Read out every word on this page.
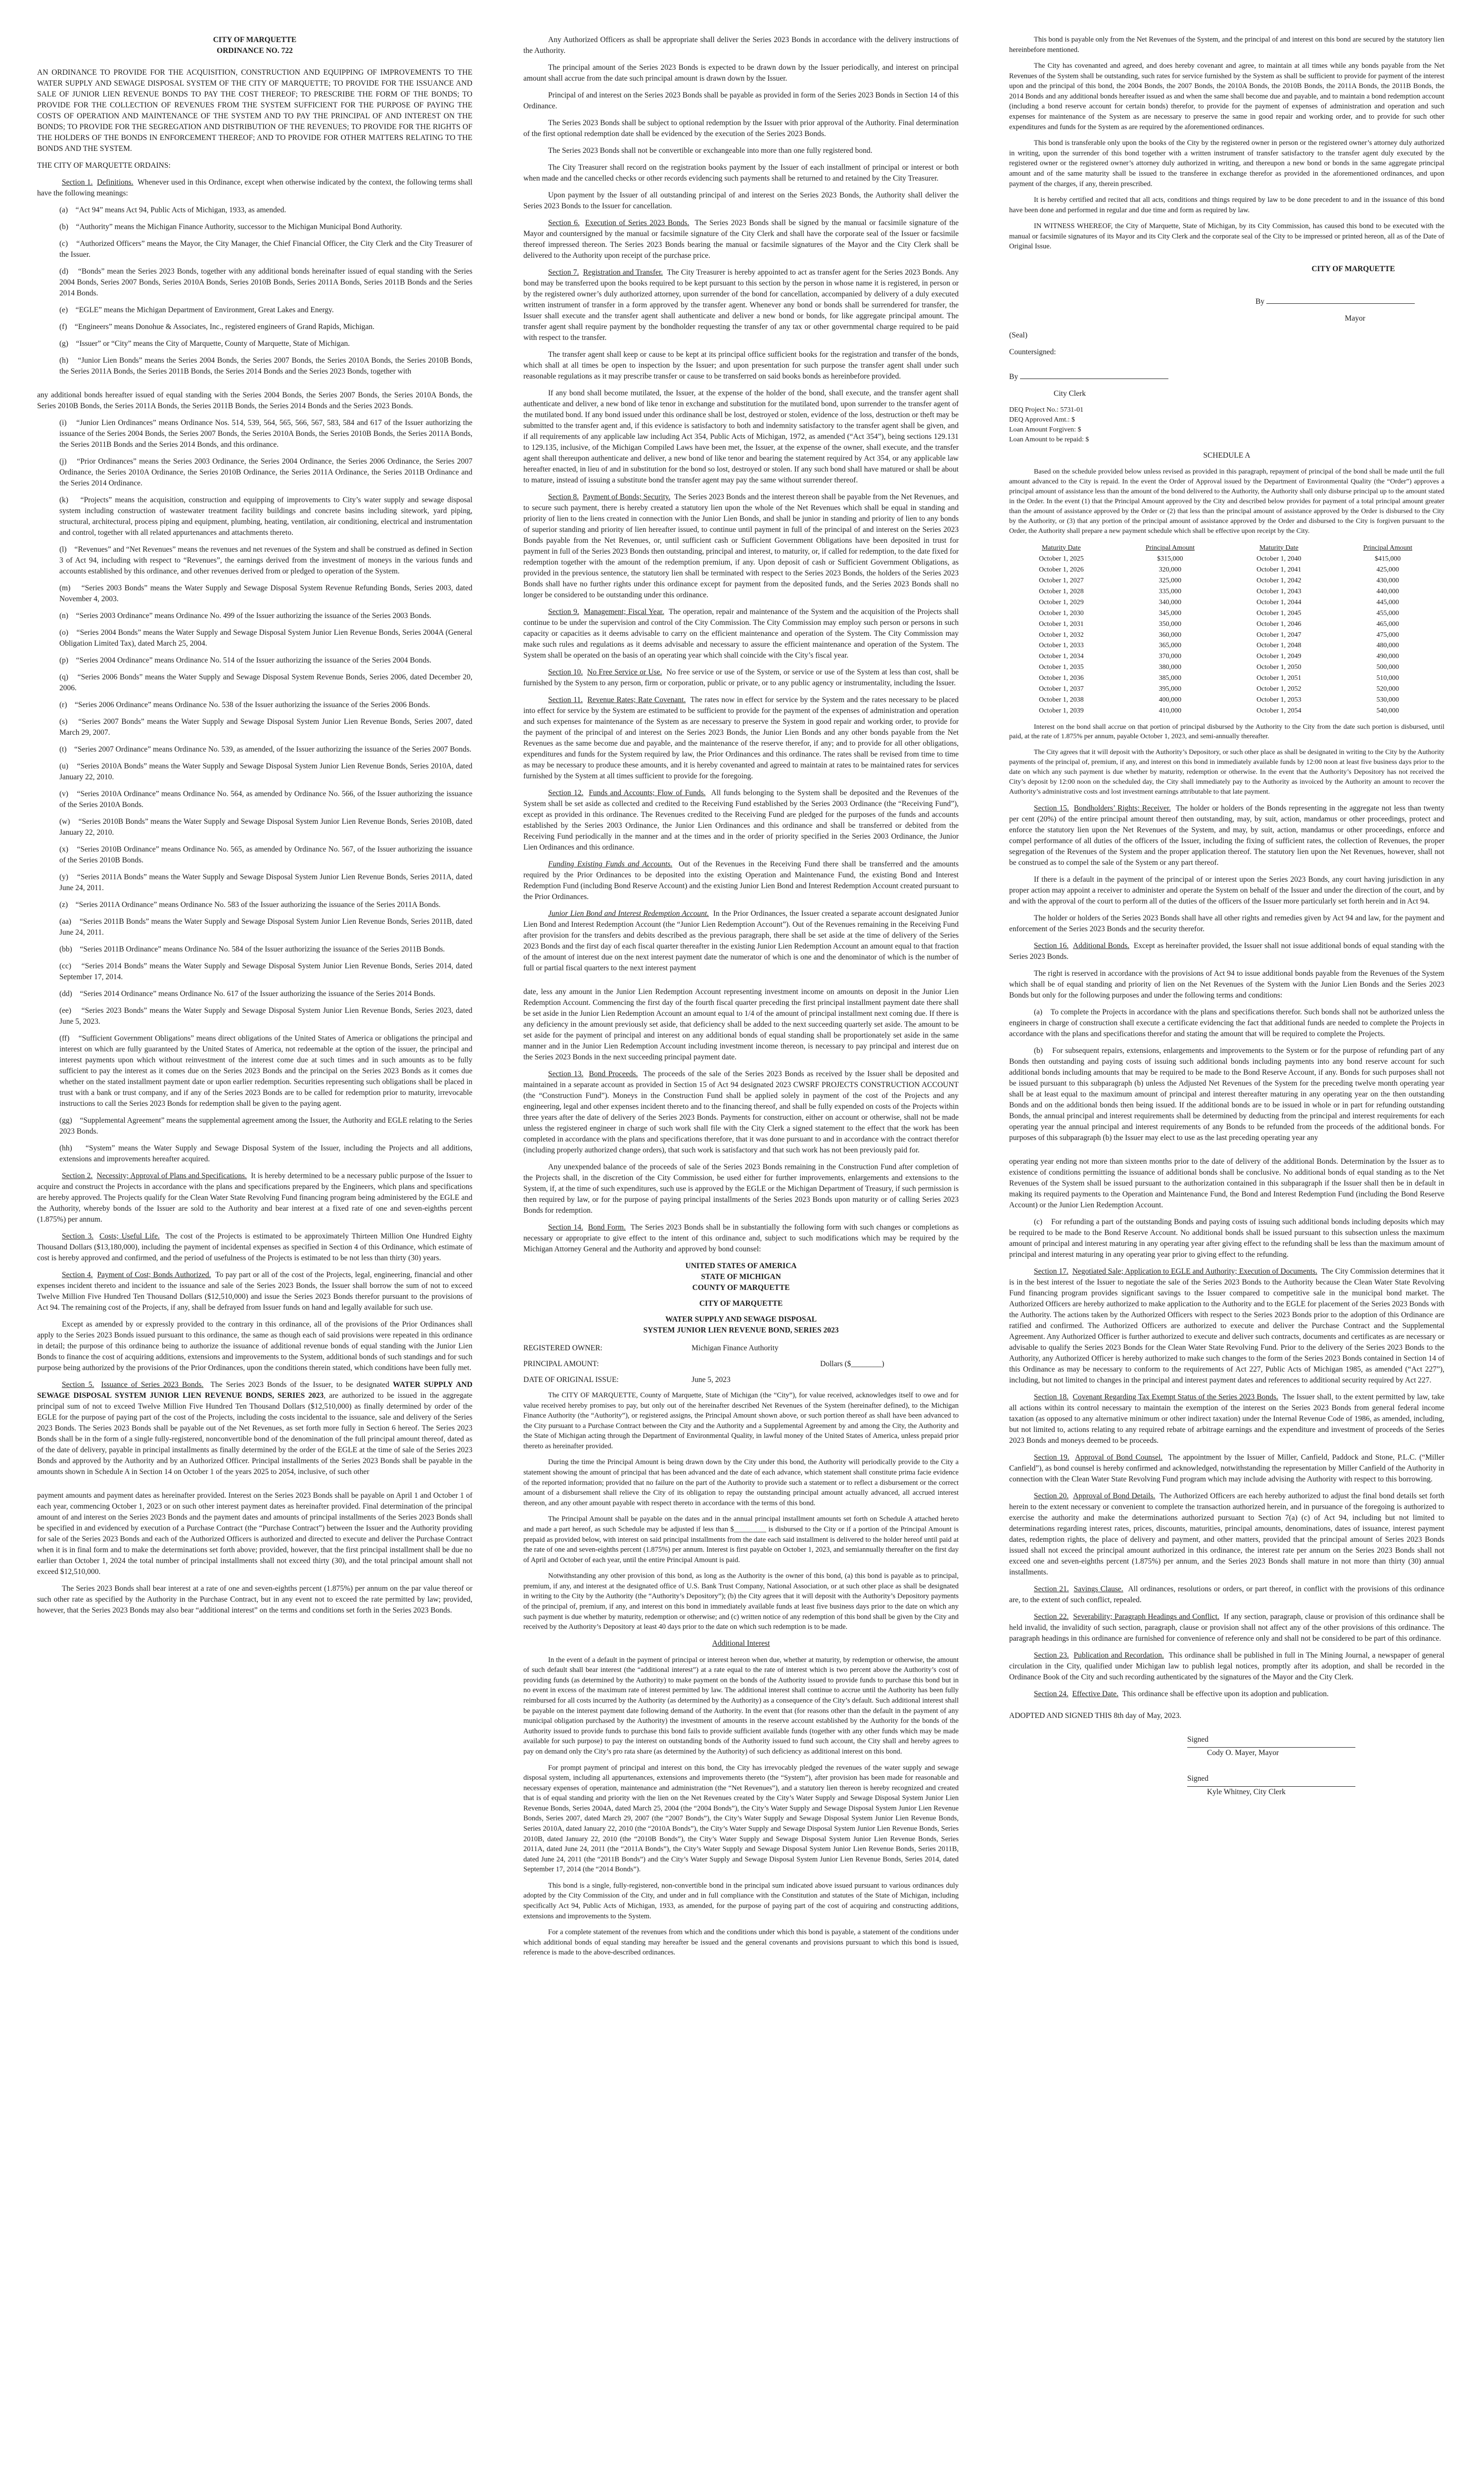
CITY OF MARQUETTE

ORDINANCE NO. 722

AN ORDINANCE TO PROVIDE FOR THE ACQUISITION, CONSTRUCTION AND EQUIPPING OF IMPROVEMENTS TO THE WATER SUPPLY AND SEWAGE DISPOSAL SYSTEM OF THE CITY OF MARQUETTE; TO PROVIDE FOR THE ISSUANCE AND SALE OF JUNIOR LIEN REVENUE BONDS TO PAY THE COST THEREOF; TO PRESCRIBE THE FORM OF THE BONDS; TO PROVIDE FOR THE COLLECTION OF REVENUES FROM THE SYSTEM SUFFICIENT FOR THE PURPOSE OF PAYING THE COSTS OF OPERATION AND MAINTENANCE OF THE SYSTEM AND TO PAY THE PRINCIPAL OF AND INTEREST ON THE BONDS; TO PROVIDE FOR THE SEGREGATION AND DISTRIBUTION OF THE REVENUES; TO PROVIDE FOR THE RIGHTS OF THE HOLDERS OF THE BONDS IN ENFORCEMENT THEREOF; AND TO PROVIDE FOR OTHER MATTERS RELATING TO THE BONDS AND THE SYSTEM.

THE CITY OF MARQUETTE ORDAINS:

Section 1. Definitions. Whenever used in this Ordinance, except when otherwise indicated by the context, the following terms shall have the following meanings:

(a)    “Act 94” means Act 94, Public Acts of Michigan, 1933, as amended.

(b)    “Authority” means the Michigan Finance Authority, successor to the Michigan Municipal Bond Authority.

(c)    “Authorized Officers” means the Mayor, the City Manager, the Chief Financial Officer, the City Clerk and the City Treasurer of the Issuer.

(d)    “Bonds” mean the Series 2023 Bonds, together with any additional bonds hereinafter issued of equal standing with the Series 2004 Bonds, Series 2007 Bonds, Series 2010A Bonds, Series 2010B Bonds, Series 2011A Bonds, Series 2011B Bonds and the Series 2014 Bonds.

(e)    “EGLE” means the Michigan Department of Environment, Great Lakes and Energy.

(f)    “Engineers” means Donohue & Associates, Inc., registered engineers of Grand Rapids, Michigan.

(g)    “Issuer” or “City” means the City of Marquette, County of Marquette, State of Michigan.

(h)    “Junior Lien Bonds” means the Series 2004 Bonds, the Series 2007 Bonds, the Series 2010A Bonds, the Series 2010B Bonds, the Series 2011A Bonds, the Series 2011B Bonds, the Series 2014 Bonds and the Series 2023 Bonds, together with

any additional bonds hereafter issued of equal standing with the Series 2004 Bonds, the Series 2007 Bonds, the Series 2010A Bonds, the Series 2010B Bonds, the Series 2011A Bonds, the Series 2011B Bonds, the Series 2014 Bonds and the Series 2023 Bonds.

(i)    “Junior Lien Ordinances” means Ordinance Nos. 514, 539, 564, 565, 566, 567, 583, 584 and 617 of the Issuer authorizing the issuance of the Series 2004 Bonds, the Series 2007 Bonds, the Series 2010A Bonds, the Series 2010B Bonds, the Series 2011A Bonds, the Series 2011B Bonds and the Series 2014 Bonds, and this ordinance.

(j)    “Prior Ordinances” means the Series 2003 Ordinance, the Series 2004 Ordinance, the Series 2006 Ordinance, the Series 2007 Ordinance, the Series 2010A Ordinance, the Series 2010B Ordinance, the Series 2011A Ordinance, the Series 2011B Ordinance and the Series 2014 Ordinance.

(k)    “Projects” means the acquisition, construction and equipping of improvements to City’s water supply and sewage disposal system including construction of wastewater treatment facility buildings and concrete basins including sitework, yard piping, structural, architectural, process piping and equipment, plumbing, heating, ventilation, air conditioning, electrical and instrumentation and control, together with all related appurtenances and attachments thereto.

(l)    “Revenues” and “Net Revenues” means the revenues and net revenues of the System and shall be construed as defined in Section 3 of Act 94, including with respect to “Revenues”, the earnings derived from the investment of moneys in the various funds and accounts established by this ordinance, and other revenues derived from or pledged to operation of the System.

(m)    “Series 2003 Bonds” means the Water Supply and Sewage Disposal System Revenue Refunding Bonds, Series 2003, dated November 4, 2003.

(n)    “Series 2003 Ordinance” means Ordinance No. 499 of the Issuer authorizing the issuance of the Series 2003 Bonds.

(o)    “Series 2004 Bonds” means the Water Supply and Sewage Disposal System Junior Lien Revenue Bonds, Series 2004A (General Obligation Limited Tax), dated March 25, 2004.

(p)    “Series 2004 Ordinance” means Ordinance No. 514 of the Issuer authorizing the issuance of the Series 2004 Bonds.

(q)    “Series 2006 Bonds” means the Water Supply and Sewage Disposal System Revenue Bonds, Series 2006, dated December 20, 2006.

(r)    “Series 2006 Ordinance” means Ordinance No. 538 of the Issuer authorizing the issuance of the Series 2006 Bonds.

(s)    “Series 2007 Bonds” means the Water Supply and Sewage Disposal System Junior Lien Revenue Bonds, Series 2007, dated March 29, 2007.

(t)    “Series 2007 Ordinance” means Ordinance No. 539, as amended, of the Issuer authorizing the issuance of the Series 2007 Bonds.

(u)    “Series 2010A Bonds” means the Water Supply and Sewage Disposal System Junior Lien Revenue Bonds, Series 2010A, dated January 22, 2010.

(v)    “Series 2010A Ordinance” means Ordinance No. 564, as amended by Ordinance No. 566, of the Issuer authorizing the issuance of the Series 2010A Bonds.

(w)    “Series 2010B Bonds” means the Water Supply and Sewage Disposal System Junior Lien Revenue Bonds, Series 2010B, dated January 22, 2010.

(x)    “Series 2010B Ordinance” means Ordinance No. 565, as amended by Ordinance No. 567, of the Issuer authorizing the issuance of the Series 2010B Bonds.

(y)    “Series 2011A Bonds” means the Water Supply and Sewage Disposal System Junior Lien Revenue Bonds, Series 2011A, dated June 24, 2011.

(z)    “Series 2011A Ordinance” means Ordinance No. 583 of the Issuer authorizing the issuance of the Series 2011A Bonds.

(aa)    “Series 2011B Bonds” means the Water Supply and Sewage Disposal System Junior Lien Revenue Bonds, Series 2011B, dated June 24, 2011.

(bb)    “Series 2011B Ordinance” means Ordinance No. 584 of the Issuer authorizing the issuance of the Series 2011B Bonds.

(cc)    “Series 2014 Bonds” means the Water Supply and Sewage Disposal System Junior Lien Revenue Bonds, Series 2014, dated September 17, 2014.

(dd)    “Series 2014 Ordinance” means Ordinance No. 617 of the Issuer authorizing the issuance of the Series 2014 Bonds.

(ee)    “Series 2023 Bonds” means the Water Supply and Sewage Disposal System Junior Lien Revenue Bonds, Series 2023, dated June 5, 2023.

(ff)    “Sufficient Government Obligations” means direct obligations of the United States of America or obligations the principal and interest on which are fully guaranteed by the United States of America, not redeemable at the option of the issuer, the principal and interest payments upon which without reinvestment of the interest come due at such times and in such amounts as to be fully sufficient to pay the interest as it comes due on the Series 2023 Bonds and the principal on the Series 2023 Bonds as it comes due whether on the stated installment payment date or upon earlier redemption. Securities representing such obligations shall be placed in trust with a bank or trust company, and if any of the Series 2023 Bonds are to be called for redemption prior to maturity, irrevocable instructions to call the Series 2023 Bonds for redemption shall be given to the paying agent.

(gg)    “Supplemental Agreement” means the supplemental agreement among the Issuer, the Authority and EGLE relating to the Series 2023 Bonds.

(hh)    “System” means the Water Supply and Sewage Disposal System of the Issuer, including the Projects and all additions, extensions and improvements hereafter acquired.

Section 2. Necessity; Approval of Plans and Specifications. It is hereby determined to be a necessary public purpose of the Issuer to acquire and construct the Projects in accordance with the plans and specifications prepared by the Engineers, which plans and specifications are hereby approved. The Projects qualify for the Clean Water State Revolving Fund financing program being administered by the EGLE and the Authority, whereby bonds of the Issuer are sold to the Authority and bear interest at a fixed rate of one and seven-eighths percent (1.875%) per annum.

Section 3. Costs; Useful Life. The cost of the Projects is estimated to be approximately Thirteen Million One Hundred Eighty Thousand Dollars ($13,180,000), including the payment of incidental expenses as specified in Section 4 of this Ordinance, which estimate of cost is hereby approved and confirmed, and the period of usefulness of the Projects is estimated to be not less than thirty (30) years.

Section 4. Payment of Cost; Bonds Authorized. To pay part or all of the cost of the Projects, legal, engineering, financial and other expenses incident thereto and incident to the issuance and sale of the Series 2023 Bonds, the Issuer shall borrow the sum of not to exceed Twelve Million Five Hundred Ten Thousand Dollars ($12,510,000) and issue the Series 2023 Bonds therefor pursuant to the provisions of Act 94. The remaining cost of the Projects, if any, shall be defrayed from Issuer funds on hand and legally available for such use.

Except as amended by or expressly provided to the contrary in this ordinance, all of the provisions of the Prior Ordinances shall apply to the Series 2023 Bonds issued pursuant to this ordinance, the same as though each of said provisions were repeated in this ordinance in detail; the purpose of this ordinance being to authorize the issuance of additional revenue bonds of equal standing with the Junior Lien Bonds to finance the cost of acquiring additions, extensions and improvements to the System, additional bonds of such standings and for such purpose being authorized by the provisions of the Prior Ordinances, upon the conditions therein stated, which conditions have been fully met.

Section 5. Issuance of Series 2023 Bonds. The Series 2023 Bonds of the Issuer, to be designated WATER SUPPLY AND SEWAGE DISPOSAL SYSTEM JUNIOR LIEN REVENUE BONDS, SERIES 2023, are authorized to be issued in the aggregate principal sum of not to exceed Twelve Million Five Hundred Ten Thousand Dollars ($12,510,000) as finally determined by order of the EGLE for the purpose of paying part of the cost of the Projects, including the costs incidental to the issuance, sale and delivery of the Series 2023 Bonds. The Series 2023 Bonds shall be payable out of the Net Revenues, as set forth more fully in Section 6 hereof. The Series 2023 Bonds shall be in the form of a single fully-registered, nonconvertible bond of the denomination of the full principal amount thereof, dated as of the date of delivery, payable in principal installments as finally determined by the order of the EGLE at the time of sale of the Series 2023 Bonds and approved by the Authority and by an Authorized Officer. Principal installments of the Series 2023 Bonds shall be payable in the amounts shown in Schedule A in Section 14 on October 1 of the years 2025 to 2054, inclusive, of such other

payment amounts and payment dates as hereinafter provided. Interest on the Series 2023 Bonds shall be payable on April 1 and October 1 of each year, commencing October 1, 2023 or on such other interest payment dates as hereinafter provided. Final determination of the principal amount of and interest on the Series 2023 Bonds and the payment dates and amounts of principal installments of the Series 2023 Bonds shall be specified in and evidenced by execution of a Purchase Contract (the “Purchase Contract”) between the Issuer and the Authority providing for sale of the Series 2023 Bonds and each of the Authorized Officers is authorized and directed to execute and deliver the Purchase Contract when it is in final form and to make the determinations set forth above; provided, however, that the first principal installment shall be due no earlier than October 1, 2024 the total number of principal installments shall not exceed thirty (30), and the total principal amount shall not exceed $12,510,000.

The Series 2023 Bonds shall bear interest at a rate of one and seven-eighths percent (1.875%) per annum on the par value thereof or such other rate as specified by the Authority in the Purchase Contract, but in any event not to exceed the rate permitted by law; provided, however, that the Series 2023 Bonds may also bear “additional interest” on the terms and conditions set forth in the Series 2023 Bonds.

Any Authorized Officers as shall be appropriate shall deliver the Series 2023 Bonds in accordance with the delivery instructions of the Authority.

The principal amount of the Series 2023 Bonds is expected to be drawn down by the Issuer periodically, and interest on principal amount shall accrue from the date such principal amount is drawn down by the Issuer.

Principal of and interest on the Series 2023 Bonds shall be payable as provided in form of the Series 2023 Bonds in Section 14 of this Ordinance.

The Series 2023 Bonds shall be subject to optional redemption by the Issuer with prior approval of the Authority. Final determination of the first optional redemption date shall be evidenced by the execution of the Series 2023 Bonds.

The Series 2023 Bonds shall not be convertible or exchangeable into more than one fully registered bond.

The City Treasurer shall record on the registration books payment by the Issuer of each installment of principal or interest or both when made and the cancelled checks or other records evidencing such payments shall be returned to and retained by the City Treasurer.

Upon payment by the Issuer of all outstanding principal of and interest on the Series 2023 Bonds, the Authority shall deliver the Series 2023 Bonds to the Issuer for cancellation.

Section 6. Execution of Series 2023 Bonds. The Series 2023 Bonds shall be signed by the manual or facsimile signature of the Mayor and countersigned by the manual or facsimile signature of the City Clerk and shall have the corporate seal of the Issuer or facsimile thereof impressed thereon. The Series 2023 Bonds bearing the manual or facsimile signatures of the Mayor and the City Clerk shall be delivered to the Authority upon receipt of the purchase price.

Section 7. Registration and Transfer. The City Treasurer is hereby appointed to act as transfer agent for the Series 2023 Bonds. Any bond may be transferred upon the books required to be kept pursuant to this section by the person in whose name it is registered, in person or by the registered owner’s duly authorized attorney, upon surrender of the bond for cancellation, accompanied by delivery of a duly executed written instrument of transfer in a form approved by the transfer agent. Whenever any bond or bonds shall be surrendered for transfer, the Issuer shall execute and the transfer agent shall authenticate and deliver a new bond or bonds, for like aggregate principal amount. The transfer agent shall require payment by the bondholder requesting the transfer of any tax or other governmental charge required to be paid with respect to the transfer.

The transfer agent shall keep or cause to be kept at its principal office sufficient books for the registration and transfer of the bonds, which shall at all times be open to inspection by the Issuer; and upon presentation for such purpose the transfer agent shall under such reasonable regulations as it may prescribe transfer or cause to be transferred on said books bonds as hereinbefore provided.

If any bond shall become mutilated, the Issuer, at the expense of the holder of the bond, shall execute, and the transfer agent shall authenticate and deliver, a new bond of like tenor in exchange and substitution for the mutilated bond, upon surrender to the transfer agent of the mutilated bond. If any bond issued under this ordinance shall be lost, destroyed or stolen, evidence of the loss, destruction or theft may be submitted to the transfer agent and, if this evidence is satisfactory to both and indemnity satisfactory to the transfer agent shall be given, and if all requirements of any applicable law including Act 354, Public Acts of Michigan, 1972, as amended (“Act 354”), being sections 129.131 to 129.135, inclusive, of the Michigan Compiled Laws have been met, the Issuer, at the expense of the owner, shall execute, and the transfer agent shall thereupon authenticate and deliver, a new bond of like tenor and bearing the statement required by Act 354, or any applicable law hereafter enacted, in lieu of and in substitution for the bond so lost, destroyed or stolen. If any such bond shall have matured or shall be about to mature, instead of issuing a substitute bond the transfer agent may pay the same without surrender thereof.

Section 8. Payment of Bonds; Security. The Series 2023 Bonds and the interest thereon shall be payable from the Net Revenues, and to secure such payment, there is hereby created a statutory lien upon the whole of the Net Revenues which shall be equal in standing and priority of lien to the liens created in connection with the Junior Lien Bonds, and shall be junior in standing and priority of lien to any bonds of superior standing and priority of lien hereafter issued, to continue until payment in full of the principal of and interest on the Series 2023 Bonds payable from the Net Revenues, or, until sufficient cash or Sufficient Government Obligations have been deposited in trust for payment in full of the Series 2023 Bonds then outstanding, principal and interest, to maturity, or, if called for redemption, to the date fixed for redemption together with the amount of the redemption premium, if any. Upon deposit of cash or Sufficient Government Obligations, as provided in the previous sentence, the statutory lien shall be terminated with respect to the Series 2023 Bonds, the holders of the Series 2023 Bonds shall have no further rights under this ordinance except for payment from the deposited funds, and the Series 2023 Bonds shall no longer be considered to be outstanding under this ordinance.

Section 9. Management; Fiscal Year. The operation, repair and maintenance of the System and the acquisition of the Projects shall continue to be under the supervision and control of the City Commission. The City Commission may employ such person or persons in such capacity or capacities as it deems advisable to carry on the efficient maintenance and operation of the System. The City Commission may make such rules and regulations as it deems advisable and necessary to assure the efficient maintenance and operation of the System. The System shall be operated on the basis of an operating year which shall coincide with the City’s fiscal year.

Section 10. No Free Service or Use. No free service or use of the System, or service or use of the System at less than cost, shall be furnished by the System to any person, firm or corporation, public or private, or to any public agency or instrumentality, including the Issuer.

Section 11. Revenue Rates; Rate Covenant. The rates now in effect for service by the System and the rates necessary to be placed into effect for service by the System are estimated to be sufficient to provide for the payment of the expenses of administration and operation and such expenses for maintenance of the System as are necessary to preserve the System in good repair and working order, to provide for the payment of the principal of and interest on the Series 2023 Bonds, the Junior Lien Bonds and any other bonds payable from the Net Revenues as the same become due and payable, and the maintenance of the reserve therefor, if any; and to provide for all other obligations, expenditures and funds for the System required by law, the Prior Ordinances and this ordinance. The rates shall be revised from time to time as may be necessary to produce these amounts, and it is hereby covenanted and agreed to maintain at rates to be maintained rates for services furnished by the System at all times sufficient to provide for the foregoing.

Section 12. Funds and Accounts; Flow of Funds. All funds belonging to the System shall be deposited and the Revenues of the System shall be set aside as collected and credited to the Receiving Fund established by the Series 2003 Ordinance (the “Receiving Fund”), except as provided in this ordinance. The Revenues credited to the Receiving Fund are pledged for the purposes of the funds and accounts established by the Series 2003 Ordinance, the Junior Lien Ordinances and this ordinance and shall be transferred or debited from the Receiving Fund periodically in the manner and at the times and in the order of priority specified in the Series 2003 Ordinance, the Junior Lien Ordinances and this ordinance.

Funding Existing Funds and Accounts. Out of the Revenues in the Receiving Fund there shall be transferred and the amounts required by the Prior Ordinances to be deposited into the existing Operation and Maintenance Fund, the existing Bond and Interest Redemption Fund (including Bond Reserve Account) and the existing Junior Lien Bond and Interest Redemption Account created pursuant to the Prior Ordinances.

Junior Lien Bond and Interest Redemption Account. In the Prior Ordinances, the Issuer created a separate account designated Junior Lien Bond and Interest Redemption Account (the “Junior Lien Redemption Account”). Out of the Revenues remaining in the Receiving Fund after provision for the transfers and debits described as the previous paragraph, there shall be set aside at the time of delivery of the Series 2023 Bonds and the first day of each fiscal quarter thereafter in the existing Junior Lien Redemption Account an amount equal to that fraction of the amount of interest due on the next interest payment date the numerator of which is one and the denominator of which is the number of full or partial fiscal quarters to the next interest payment

date, less any amount in the Junior Lien Redemption Account representing investment income on amounts on deposit in the Junior Lien Redemption Account. Commencing the first day of the fourth fiscal quarter preceding the first principal installment payment date there shall be set aside in the Junior Lien Redemption Account an amount equal to 1/4 of the amount of principal installment next coming due. If there is any deficiency in the amount previously set aside, that deficiency shall be added to the next succeeding quarterly set aside. The amount to be set aside for the payment of principal and interest on any additional bonds of equal standing shall be proportionately set aside in the same manner and in the Junior Lien Redemption Account including investment income thereon, is necessary to pay principal and interest due on the Series 2023 Bonds in the next succeeding principal payment date.

Section 13. Bond Proceeds. The proceeds of the sale of the Series 2023 Bonds as received by the Issuer shall be deposited and maintained in a separate account as provided in Section 15 of Act 94 designated 2023 CWSRF PROJECTS CONSTRUCTION ACCOUNT (the “Construction Fund”). Moneys in the Construction Fund shall be applied solely in payment of the cost of the Projects and any engineering, legal and other expenses incident thereto and to the financing thereof, and shall be fully expended on costs of the Projects within three years after the date of delivery of the Series 2023 Bonds. Payments for construction, either on account or otherwise, shall not be made unless the registered engineer in charge of such work shall file with the City Clerk a signed statement to the effect that the work has been completed in accordance with the plans and specifications therefore, that it was done pursuant to and in accordance with the contract therefor (including properly authorized change orders), that such work is satisfactory and that such work has not been previously paid for.

Any unexpended balance of the proceeds of sale of the Series 2023 Bonds remaining in the Construction Fund after completion of the Projects shall, in the discretion of the City Commission, be used either for further improvements, enlargements and extensions to the System, if, at the time of such expenditures, such use is approved by the EGLE or the Michigan Department of Treasury, if such permission is then required by law, or for the purpose of paying principal installments of the Series 2023 Bonds upon maturity or of calling Series 2023 Bonds for redemption.

Section 14. Bond Form. The Series 2023 Bonds shall be in substantially the following form with such changes or completions as necessary or appropriate to give effect to the intent of this ordinance and, subject to such modifications which may be required by the Michigan Attorney General and the Authority and approved by bond counsel:

UNITED STATES OF AMERICA

STATE OF MICHIGAN

COUNTY OF MARQUETTE

CITY OF MARQUETTE

WATER SUPPLY AND SEWAGE DISPOSAL

SYSTEM JUNIOR LIEN REVENUE BOND, SERIES 2023

REGISTERED OWNER:	Michigan Finance Authority
PRINCIPAL AMOUNT:	Dollars ($________)
DATE OF ORIGINAL ISSUE:	June 5, 2023

The CITY OF MARQUETTE, County of Marquette, State of Michigan (the “City”), for value received, acknowledges itself to owe and for value received hereby promises to pay, but only out of the hereinafter described Net Revenues of the System (hereinafter defined), to the Michigan Finance Authority (the “Authority”), or registered assigns, the Principal Amount shown above, or such portion thereof as shall have been advanced to the City pursuant to a Purchase Contract between the City and the Authority and a Supplemental Agreement by and among the City, the Authority and the State of Michigan acting through the Department of Environmental Quality, in lawful money of the United States of America, unless prepaid prior thereto as hereinafter provided.

During the time the Principal Amount is being drawn down by the City under this bond, the Authority will periodically provide to the City a statement showing the amount of principal that has been advanced and the date of each advance, which statement shall constitute prima facie evidence of the reported information; provided that no failure on the part of the Authority to provide such a statement or to reflect a disbursement or the correct amount of a disbursement shall relieve the City of its obligation to repay the outstanding principal amount actually advanced, all accrued interest thereon, and any other amount payable with respect thereto in accordance with the terms of this bond.

The Principal Amount shall be payable on the dates and in the annual principal installment amounts set forth on Schedule A attached hereto and made a part hereof, as such Schedule may be adjusted if less than $_________ is disbursed to the City or if a portion of the Principal Amount is prepaid as provided below, with interest on said principal installments from the date each said installment is delivered to the holder hereof until paid at the rate of one and seven-eighths percent (1.875%) per annum. Interest is first payable on October 1, 2023, and semiannually thereafter on the first day of April and October of each year, until the entire Principal Amount is paid.

Notwithstanding any other provision of this bond, as long as the Authority is the owner of this bond, (a) this bond is payable as to principal, premium, if any, and interest at the designated office of U.S. Bank Trust Company, National Association, or at such other place as shall be designated in writing to the City by the Authority (the “Authority’s Depository”); (b) the City agrees that it will deposit with the Authority’s Depository payments of the principal of, premium, if any, and interest on this bond in immediately available funds at least five business days prior to the date on which any such payment is due whether by maturity, redemption or otherwise; and (c) written notice of any redemption of this bond shall be given by the City and received by the Authority’s Depository at least 40 days prior to the date on which such redemption is to be made.

Additional Interest

In the event of a default in the payment of principal or interest hereon when due, whether at maturity, by redemption or otherwise, the amount of such default shall bear interest (the “additional interest”) at a rate equal to the rate of interest which is two percent above the Authority’s cost of providing funds (as determined by the Authority) to make payment on the bonds of the Authority issued to provide funds to purchase this bond but in no event in excess of the maximum rate of interest permitted by law. The additional interest shall continue to accrue until the Authority has been fully reimbursed for all costs incurred by the Authority (as determined by the Authority) as a consequence of the City’s default. Such additional interest shall be payable on the interest payment date following demand of the Authority. In the event that (for reasons other than the default in the payment of any municipal obligation purchased by the Authority) the investment of amounts in the reserve account established by the Authority for the bonds of the Authority issued to provide funds to purchase this bond fails to provide sufficient available funds (together with any other funds which may be made available for such purpose) to pay the interest on outstanding bonds of the Authority issued to fund such account, the City shall and hereby agrees to pay on demand only the City’s pro rata share (as determined by the Authority) of such deficiency as additional interest on this bond.

For prompt payment of principal and interest on this bond, the City has irrevocably pledged the revenues of the water supply and sewage disposal system, including all appurtenances, extensions and improvements thereto (the “System”), after provision has been made for reasonable and necessary expenses of operation, maintenance and administration (the “Net Revenues”), and a statutory lien thereon is hereby recognized and created that is of equal standing and priority with the lien on the Net Revenues created by the City’s Water Supply and Sewage Disposal System Junior Lien Revenue Bonds, Series 2004A, dated March 25, 2004 (the “2004 Bonds”), the City’s Water Supply and Sewage Disposal System Junior Lien Revenue Bonds, Series 2007, dated March 29, 2007 (the “2007 Bonds”), the City’s Water Supply and Sewage Disposal System Junior Lien Revenue Bonds, Series 2010A, dated January 22, 2010 (the “2010A Bonds”), the City’s Water Supply and Sewage Disposal System Junior Lien Revenue Bonds, Series 2010B, dated January 22, 2010 (the “2010B Bonds”), the City’s Water Supply and Sewage Disposal System Junior Lien Revenue Bonds, Series 2011A, dated June 24, 2011 (the “2011A Bonds”), the City’s Water Supply and Sewage Disposal System Junior Lien Revenue Bonds, Series 2011B, dated June 24, 2011 (the “2011B Bonds”) and the City’s Water Supply and Sewage Disposal System Junior Lien Revenue Bonds, Series 2014, dated September 17, 2014 (the “2014 Bonds”).

This bond is a single, fully-registered, non-convertible bond in the principal sum indicated above issued pursuant to various ordinances duly adopted by the City Commission of the City, and under and in full compliance with the Constitution and statutes of the State of Michigan, including specifically Act 94, Public Acts of Michigan, 1933, as amended, for the purpose of paying part of the cost of acquiring and constructing additions, extensions and improvements to the System.

For a complete statement of the revenues from which and the conditions under which this bond is payable, a statement of the conditions under which additional bonds of equal standing may hereafter be issued and the general covenants and provisions pursuant to which this bond is issued, reference is made to the above-described ordinances.

This bond is payable only from the Net Revenues of the System, and the principal of and interest on this bond are secured by the statutory lien hereinbefore mentioned.

The City has covenanted and agreed, and does hereby covenant and agree, to maintain at all times while any bonds payable from the Net Revenues of the System shall be outstanding, such rates for service furnished by the System as shall be sufficient to provide for payment of the interest upon and the principal of this bond, the 2004 Bonds, the 2007 Bonds, the 2010A Bonds, the 2010B Bonds, the 2011A Bonds, the 2011B Bonds, the 2014 Bonds and any additional bonds hereafter issued as and when the same shall become due and payable, and to maintain a bond redemption account (including a bond reserve account for certain bonds) therefor, to provide for the payment of expenses of administration and operation and such expenses for maintenance of the System as are necessary to preserve the same in good repair and working order, and to provide for such other expenditures and funds for the System as are required by the aforementioned ordinances.

This bond is transferable only upon the books of the City by the registered owner in person or the registered owner’s attorney duly authorized in writing, upon the surrender of this bond together with a written instrument of transfer satisfactory to the transfer agent duly executed by the registered owner or the registered owner’s attorney duly authorized in writing, and thereupon a new bond or bonds in the same aggregate principal amount and of the same maturity shall be issued to the transferee in exchange therefor as provided in the aforementioned ordinances, and upon payment of the charges, if any, therein prescribed.

It is hereby certified and recited that all acts, conditions and things required by law to be done precedent to and in the issuance of this bond have been done and performed in regular and due time and form as required by law.

IN WITNESS WHEREOF, the City of Marquette, State of Michigan, by its City Commission, has caused this bond to be executed with the manual or facsimile signatures of its Mayor and its City Clerk and the corporate seal of the City to be impressed or printed hereon, all as of the Date of Original Issue.

CITY OF MARQUETTE

By

Mayor

(Seal)

Countersigned:

By

City Clerk

DEQ Project No.: 5731-01
DEQ Approved Amt.: $
Loan Amount Forgiven: $
Loan Amount to be repaid: $

SCHEDULE A

Based on the schedule provided below unless revised as provided in this paragraph, repayment of principal of the bond shall be made until the full amount advanced to the City is repaid. In the event the Order of Approval issued by the Department of Environmental Quality (the “Order”) approves a principal amount of assistance less than the amount of the bond delivered to the Authority, the Authority shall only disburse principal up to the amount stated in the Order. In the event (1) that the Principal Amount approved by the City and described below provides for payment of a total principal amount greater than the amount of assistance approved by the Order or (2) that less than the principal amount of assistance approved by the Order is disbursed to the City by the Authority, or (3) that any portion of the principal amount of assistance approved by the Order and disbursed to the City is forgiven pursuant to the Order, the Authority shall prepare a new payment schedule which shall be effective upon receipt by the City.

Maturity Date	Principal Amount	Maturity Date	Principal Amount
October 1, 2025	$315,000	October 1, 2040	$415,000
October 1, 2026	320,000	October 1, 2041	425,000
October 1, 2027	325,000	October 1, 2042	430,000
October 1, 2028	335,000	October 1, 2043	440,000
October 1, 2029	340,000	October 1, 2044	445,000
October 1, 2030	345,000	October 1, 2045	455,000
October 1, 2031	350,000	October 1, 2046	465,000
October 1, 2032	360,000	October 1, 2047	475,000
October 1, 2033	365,000	October 1, 2048	480,000
October 1, 2034	370,000	October 1, 2049	490,000
October 1, 2035	380,000	October 1, 2050	500,000
October 1, 2036	385,000	October 1, 2051	510,000
October 1, 2037	395,000	October 1, 2052	520,000
October 1, 2038	400,000	October 1, 2053	530,000
October 1, 2039	410,000	October 1, 2054	540,000

Interest on the bond shall accrue on that portion of principal disbursed by the Authority to the City from the date such portion is disbursed, until paid, at the rate of 1.875% per annum, payable October 1, 2023, and semi-annually thereafter.

The City agrees that it will deposit with the Authority’s Depository, or such other place as shall be designated in writing to the City by the Authority payments of the principal of, premium, if any, and interest on this bond in immediately available funds by 12:00 noon at least five business days prior to the date on which any such payment is due whether by maturity, redemption or otherwise. In the event that the Authority’s Depository has not received the City’s deposit by 12:00 noon on the scheduled day, the City shall immediately pay to the Authority as invoiced by the Authority an amount to recover the Authority’s administrative costs and lost investment earnings attributable to that late payment.

Section 15. Bondholders’ Rights; Receiver. The holder or holders of the Bonds representing in the aggregate not less than twenty per cent (20%) of the entire principal amount thereof then outstanding, may, by suit, action, mandamus or other proceedings, protect and enforce the statutory lien upon the Net Revenues of the System, and may, by suit, action, mandamus or other proceedings, enforce and compel performance of all duties of the officers of the Issuer, including the fixing of sufficient rates, the collection of Revenues, the proper segregation of the Revenues of the System and the proper application thereof. The statutory lien upon the Net Revenues, however, shall not be construed as to compel the sale of the System or any part thereof.

If there is a default in the payment of the principal of or interest upon the Series 2023 Bonds, any court having jurisdiction in any proper action may appoint a receiver to administer and operate the System on behalf of the Issuer and under the direction of the court, and by and with the approval of the court to perform all of the duties of the officers of the Issuer more particularly set forth herein and in Act 94.

The holder or holders of the Series 2023 Bonds shall have all other rights and remedies given by Act 94 and law, for the payment and enforcement of the Series 2023 Bonds and the security therefor.

Section 16. Additional Bonds. Except as hereinafter provided, the Issuer shall not issue additional bonds of equal standing with the Series 2023 Bonds.

The right is reserved in accordance with the provisions of Act 94 to issue additional bonds payable from the Revenues of the System which shall be of equal standing and priority of lien on the Net Revenues of the System with the Junior Lien Bonds and the Series 2023 Bonds but only for the following purposes and under the following terms and conditions:

(a)    To complete the Projects in accordance with the plans and specifications therefor. Such bonds shall not be authorized unless the engineers in charge of construction shall execute a certificate evidencing the fact that additional funds are needed to complete the Projects in accordance with the plans and specifications therefor and stating the amount that will be required to complete the Projects.

(b)    For subsequent repairs, extensions, enlargements and improvements to the System or for the purpose of refunding part of any Bonds then outstanding and paying costs of issuing such additional bonds including payments into any bond reserve account for such additional bonds including amounts that may be required to be made to the Bond Reserve Account, if any. Bonds for such purposes shall not be issued pursuant to this subparagraph (b) unless the Adjusted Net Revenues of the System for the preceding twelve month operating year shall be at least equal to the maximum amount of principal and interest thereafter maturing in any operating year on the then outstanding Bonds and on the additional bonds then being issued. If the additional bonds are to be issued in whole or in part for refunding outstanding Bonds, the annual principal and interest requirements shall be determined by deducting from the principal and interest requirements for each operating year the annual principal and interest requirements of any Bonds to be refunded from the proceeds of the additional bonds. For purposes of this subparagraph (b) the Issuer may elect to use as the last preceding operating year any

operating year ending not more than sixteen months prior to the date of delivery of the additional Bonds. Determination by the Issuer as to existence of conditions permitting the issuance of additional bonds shall be conclusive. No additional bonds of equal standing as to the Net Revenues of the System shall be issued pursuant to the authorization contained in this subparagraph if the Issuer shall then be in default in making its required payments to the Operation and Maintenance Fund, the Bond and Interest Redemption Fund (including the Bond Reserve Account) or the Junior Lien Redemption Account.

(c)    For refunding a part of the outstanding Bonds and paying costs of issuing such additional bonds including deposits which may be required to be made to the Bond Reserve Account. No additional bonds shall be issued pursuant to this subsection unless the maximum amount of principal and interest maturing in any operating year after giving effect to the refunding shall be less than the maximum amount of principal and interest maturing in any operating year prior to giving effect to the refunding.

Section 17. Negotiated Sale; Application to EGLE and Authority; Execution of Documents. The City Commission determines that it is in the best interest of the Issuer to negotiate the sale of the Series 2023 Bonds to the Authority because the Clean Water State Revolving Fund financing program provides significant savings to the Issuer compared to competitive sale in the municipal bond market. The Authorized Officers are hereby authorized to make application to the Authority and to the EGLE for placement of the Series 2023 Bonds with the Authority. The actions taken by the Authorized Officers with respect to the Series 2023 Bonds prior to the adoption of this Ordinance are ratified and confirmed. The Authorized Officers are authorized to execute and deliver the Purchase Contract and the Supplemental Agreement. Any Authorized Officer is further authorized to execute and deliver such contracts, documents and certificates as are necessary or advisable to qualify the Series 2023 Bonds for the Clean Water State Revolving Fund. Prior to the delivery of the Series 2023 Bonds to the Authority, any Authorized Officer is hereby authorized to make such changes to the form of the Series 2023 Bonds contained in Section 14 of this Ordinance as may be necessary to conform to the requirements of Act 227, Public Acts of Michigan 1985, as amended (“Act 227”), including, but not limited to changes in the principal and interest payment dates and references to additional security required by Act 227.

Section 18. Covenant Regarding Tax Exempt Status of the Series 2023 Bonds. The Issuer shall, to the extent permitted by law, take all actions within its control necessary to maintain the exemption of the interest on the Series 2023 Bonds from general federal income taxation (as opposed to any alternative minimum or other indirect taxation) under the Internal Revenue Code of 1986, as amended, including, but not limited to, actions relating to any required rebate of arbitrage earnings and the expenditure and investment of proceeds of the Series 2023 Bonds and moneys deemed to be proceeds.

Section 19. Approval of Bond Counsel. The appointment by the Issuer of Miller, Canfield, Paddock and Stone, P.L.C. (“Miller Canfield”), as bond counsel is hereby confirmed and acknowledged, notwithstanding the representation by Miller Canfield of the Authority in connection with the Clean Water State Revolving Fund program which may include advising the Authority with respect to this borrowing.

Section 20. Approval of Bond Details. The Authorized Officers are each hereby authorized to adjust the final bond details set forth herein to the extent necessary or convenient to complete the transaction authorized herein, and in pursuance of the foregoing is authorized to exercise the authority and make the determinations authorized pursuant to Section 7(a) (c) of Act 94, including but not limited to determinations regarding interest rates, prices, discounts, maturities, principal amounts, denominations, dates of issuance, interest payment dates, redemption rights, the place of delivery and payment, and other matters, provided that the principal amount of Series 2023 Bonds issued shall not exceed the principal amount authorized in this ordinance, the interest rate per annum on the Series 2023 Bonds shall not exceed one and seven-eighths percent (1.875%) per annum, and the Series 2023 Bonds shall mature in not more than thirty (30) annual installments.

Section 21. Savings Clause. All ordinances, resolutions or orders, or part thereof, in conflict with the provisions of this ordinance are, to the extent of such conflict, repealed.

Section 22. Severability; Paragraph Headings and Conflict. If any section, paragraph, clause or provision of this ordinance shall be held invalid, the invalidity of such section, paragraph, clause or provision shall not affect any of the other provisions of this ordinance. The paragraph headings in this ordinance are furnished for convenience of reference only and shall not be considered to be part of this ordinance.

Section 23. Publication and Recordation. This ordinance shall be published in full in The Mining Journal, a newspaper of general circulation in the City, qualified under Michigan law to publish legal notices, promptly after its adoption, and shall be recorded in the Ordinance Book of the City and such recording authenticated by the signatures of the Mayor and the City Clerk.

Section 24. Effective Date. This ordinance shall be effective upon its adoption and publication.

ADOPTED AND SIGNED THIS 8th day of May, 2023.

Signed

Cody O. Mayer, Mayor

Signed

Kyle Whitney, City Clerk
